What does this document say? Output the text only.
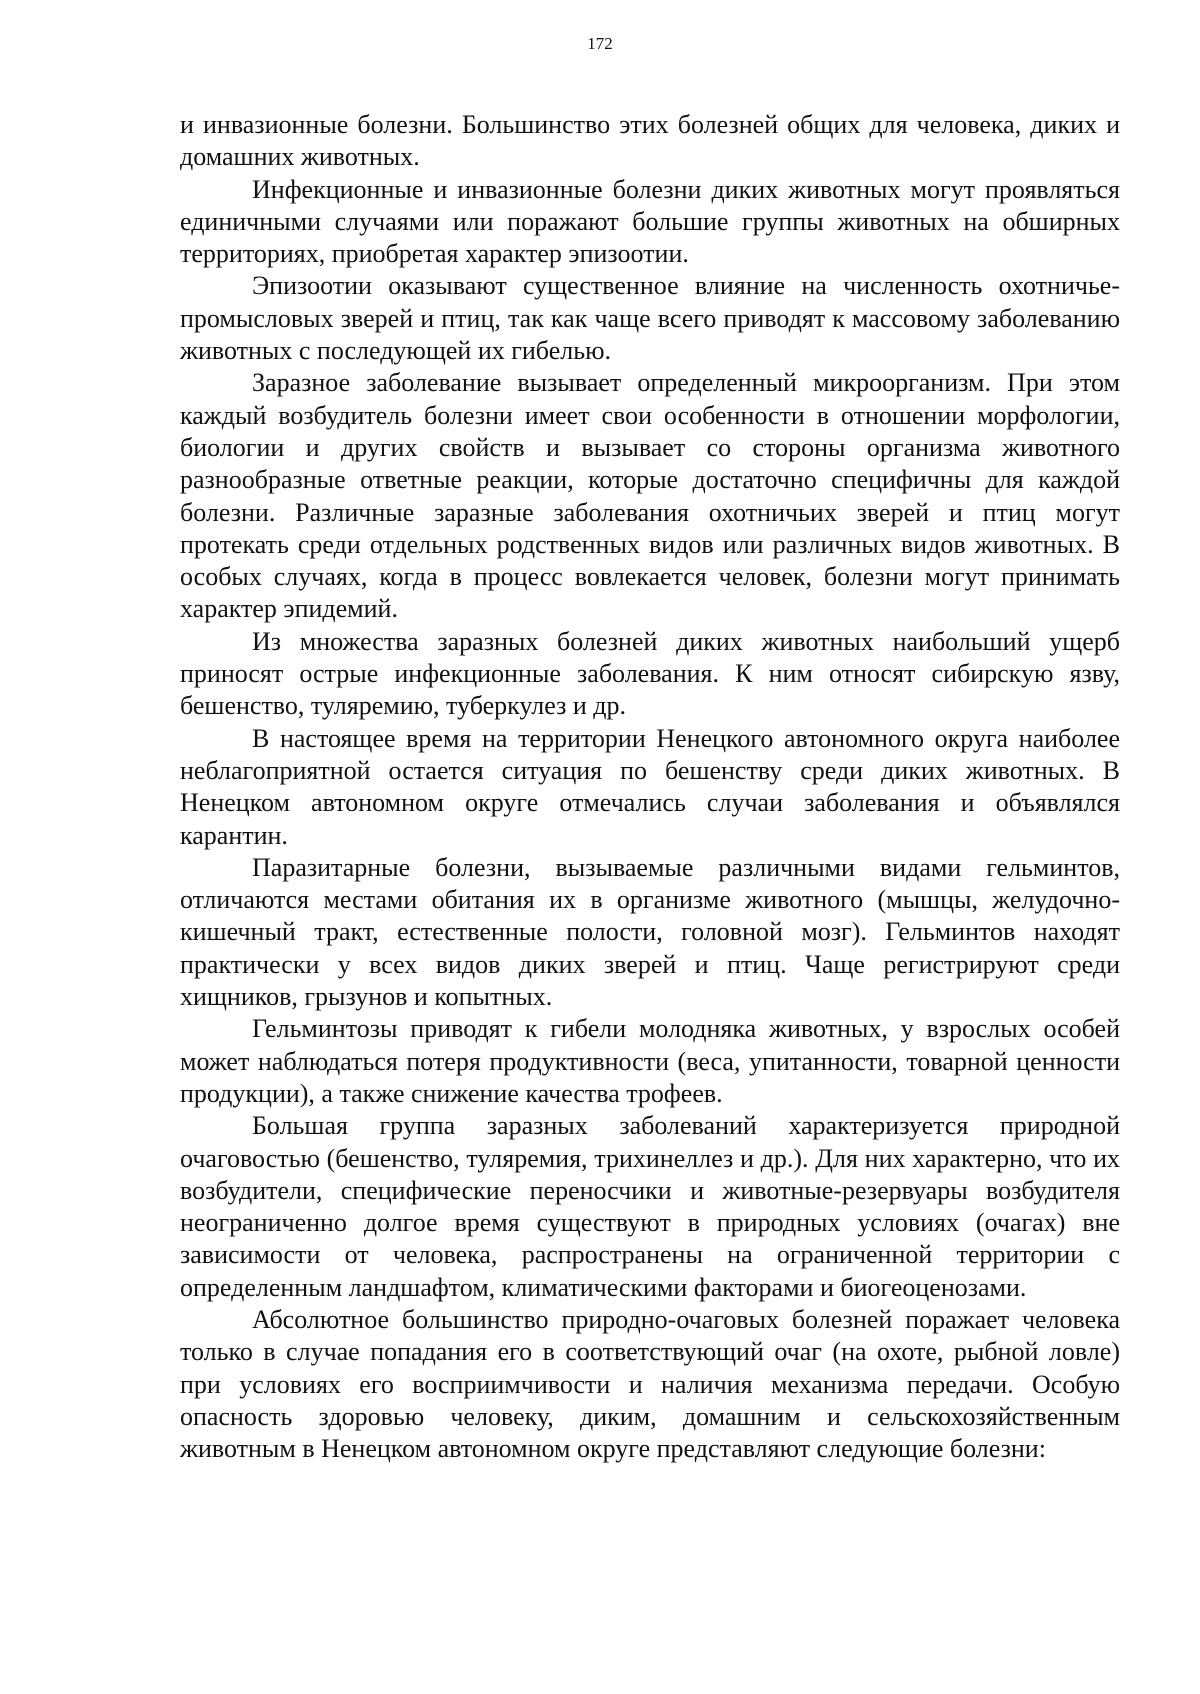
172

и инвазионные болезни. Большинство этих болезней общих для человека, диких и домашних животных.

Инфекционные и инвазионные болезни диких животных могут проявляться единичными случаями или поражают большие группы животных на обширных территориях, приобретая характер эпизоотии.

Эпизоотии оказывают существенное влияние на численность охотничье-промысловых зверей и птиц, так как чаще всего приводят к массовому заболеванию животных с последующей их гибелью.

Заразное заболевание вызывает определенный микроорганизм. При этом каждый возбудитель болезни имеет свои особенности в отношении морфологии, биологии и других свойств и вызывает со стороны организма животного разнообразные ответные реакции, которые достаточно специфичны для каждой болезни. Различные заразные заболевания охотничьих зверей и птиц могут протекать среди отдельных родственных видов или различных видов животных. В особых случаях, когда в процесс вовлекается человек, болезни могут принимать характер эпидемий.

Из множества заразных болезней диких животных наибольший ущерб приносят острые инфекционные заболевания. К ним относят сибирскую язву, бешенство, туляремию, туберкулез и др.

В настоящее время на территории Ненецкого автономного округа наиболее неблагоприятной остается ситуация по бешенству среди диких животных. В Ненецком автономном округе отмечались случаи заболевания и объявлялся карантин.

Паразитарные болезни, вызываемые различными видами гельминтов, отличаются местами обитания их в организме животного (мышцы, желудочно-кишечный тракт, естественные полости, головной мозг). Гельминтов находят практически у всех видов диких зверей и птиц. Чаще регистрируют среди хищников, грызунов и копытных.

Гельминтозы приводят к гибели молодняка животных, у взрослых особей может наблюдаться потеря продуктивности (веса, упитанности, товарной ценности продукции), а также снижение качества трофеев.

Большая группа заразных заболеваний характеризуется природной очаговостью (бешенство, туляремия, трихинеллез и др.). Для них характерно, что их возбудители, специфические переносчики и животные-резервуары возбудителя неограниченно долгое время существуют в природных условиях (очагах) вне зависимости от человека, распространены на ограниченной территории с определенным ландшафтом, климатическими факторами и биогеоценозами.

Абсолютное большинство природно-очаговых болезней поражает человека только в случае попадания его в соответствующий очаг (на охоте, рыбной ловле) при условиях его восприимчивости и наличия механизма передачи. Особую опасность здоровью человеку, диким, домашним и сельскохозяйственным животным в Ненецком автономном округе представляют следующие болезни:
